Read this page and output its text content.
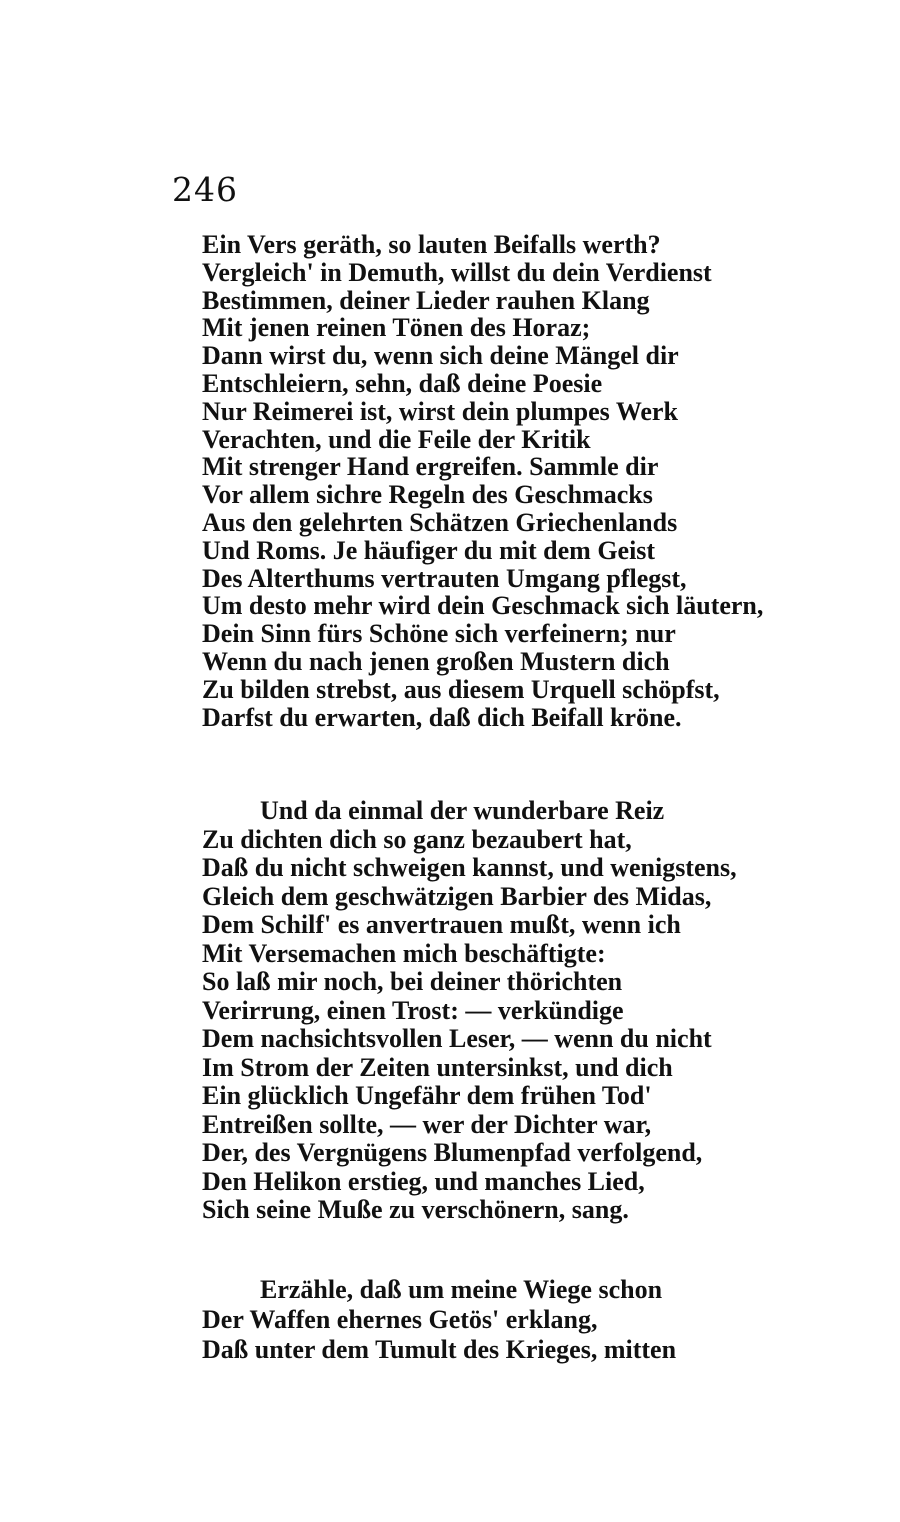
246
Ein Vers geräth, so lauten Beifalls werth?
Vergleich' in Demuth, willst du dein Verdienst
Bestimmen, deiner Lieder rauhen Klang
Mit jenen reinen Tönen des Horaz;
Dann wirst du, wenn sich deine Mängel dir
Entschleiern, sehn, daß deine Poesie
Nur Reimerei ist, wirst dein plumpes Werk
Verachten, und die Feile der Kritik
Mit strenger Hand ergreifen. Sammle dir
Vor allem sichre Regeln des Geschmacks
Aus den gelehrten Schätzen Griechenlands
Und Roms. Je häufiger du mit dem Geist
Des Alterthums vertrauten Umgang pflegst,
Um desto mehr wird dein Geschmack sich läutern,
Dein Sinn fürs Schöne sich verfeinern; nur
Wenn du nach jenen großen Mustern dich
Zu bilden strebst, aus diesem Urquell schöpfst,
Darfst du erwarten, daß dich Beifall kröne.
Und da einmal der wunderbare Reiz
Zu dichten dich so ganz bezaubert hat,
Daß du nicht schweigen kannst, und wenigstens,
Gleich dem geschwätzigen Barbier des Midas,
Dem Schilf' es anvertrauen mußt, wenn ich
Mit Versemachen mich beschäftigte:
So laß mir noch, bei deiner thörichten
Verirrung, einen Trost: — verkündige
Dem nachsichtsvollen Leser, — wenn du nicht
Im Strom der Zeiten untersinkst, und dich
Ein glücklich Ungefähr dem frühen Tod'
Entreißen sollte, — wer der Dichter war,
Der, des Vergnügens Blumenpfad verfolgend,
Den Helikon erstieg, und manches Lied,
Sich seine Muße zu verschönern, sang.
Erzähle, daß um meine Wiege schon
Der Waffen ehernes Getös' erklang,
Daß unter dem Tumult des Krieges, mitten
